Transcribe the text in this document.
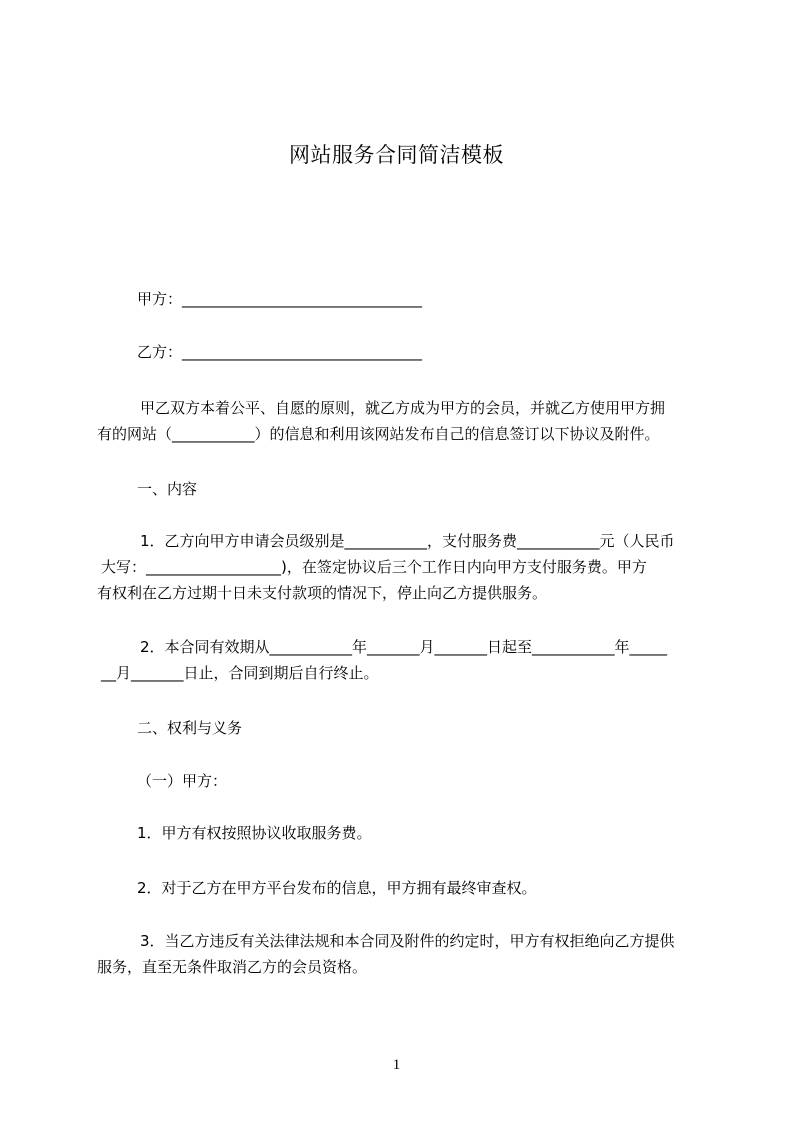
网站服务合同简洁模板
甲方：________________________________
乙方：________________________________
甲乙双方本着公平、自愿的原则，就乙方成为甲方的会员，并就乙方使用甲方拥
有的网站（___________）的信息和利用该网站发布自己的信息签订以下协议及附件。
一、内容
1．乙方向甲方申请会员级别是___________，支付服务费___________元（人民币
大写：__________________)，在签定协议后三个工作日内向甲方支付服务费。甲方
有权利在乙方过期十日未支付款项的情况下，停止向乙方提供服务。
2．本合同有效期从___________年_______月_______日起至___________年_____
__月_______日止，合同到期后自行终止。
二、权利与义务
（一）甲方：
1．甲方有权按照协议收取服务费。
2．对于乙方在甲方平台发布的信息，甲方拥有最终审查权。
3．当乙方违反有关法律法规和本合同及附件的约定时，甲方有权拒绝向乙方提供
服务，直至无条件取消乙方的会员资格。
1
